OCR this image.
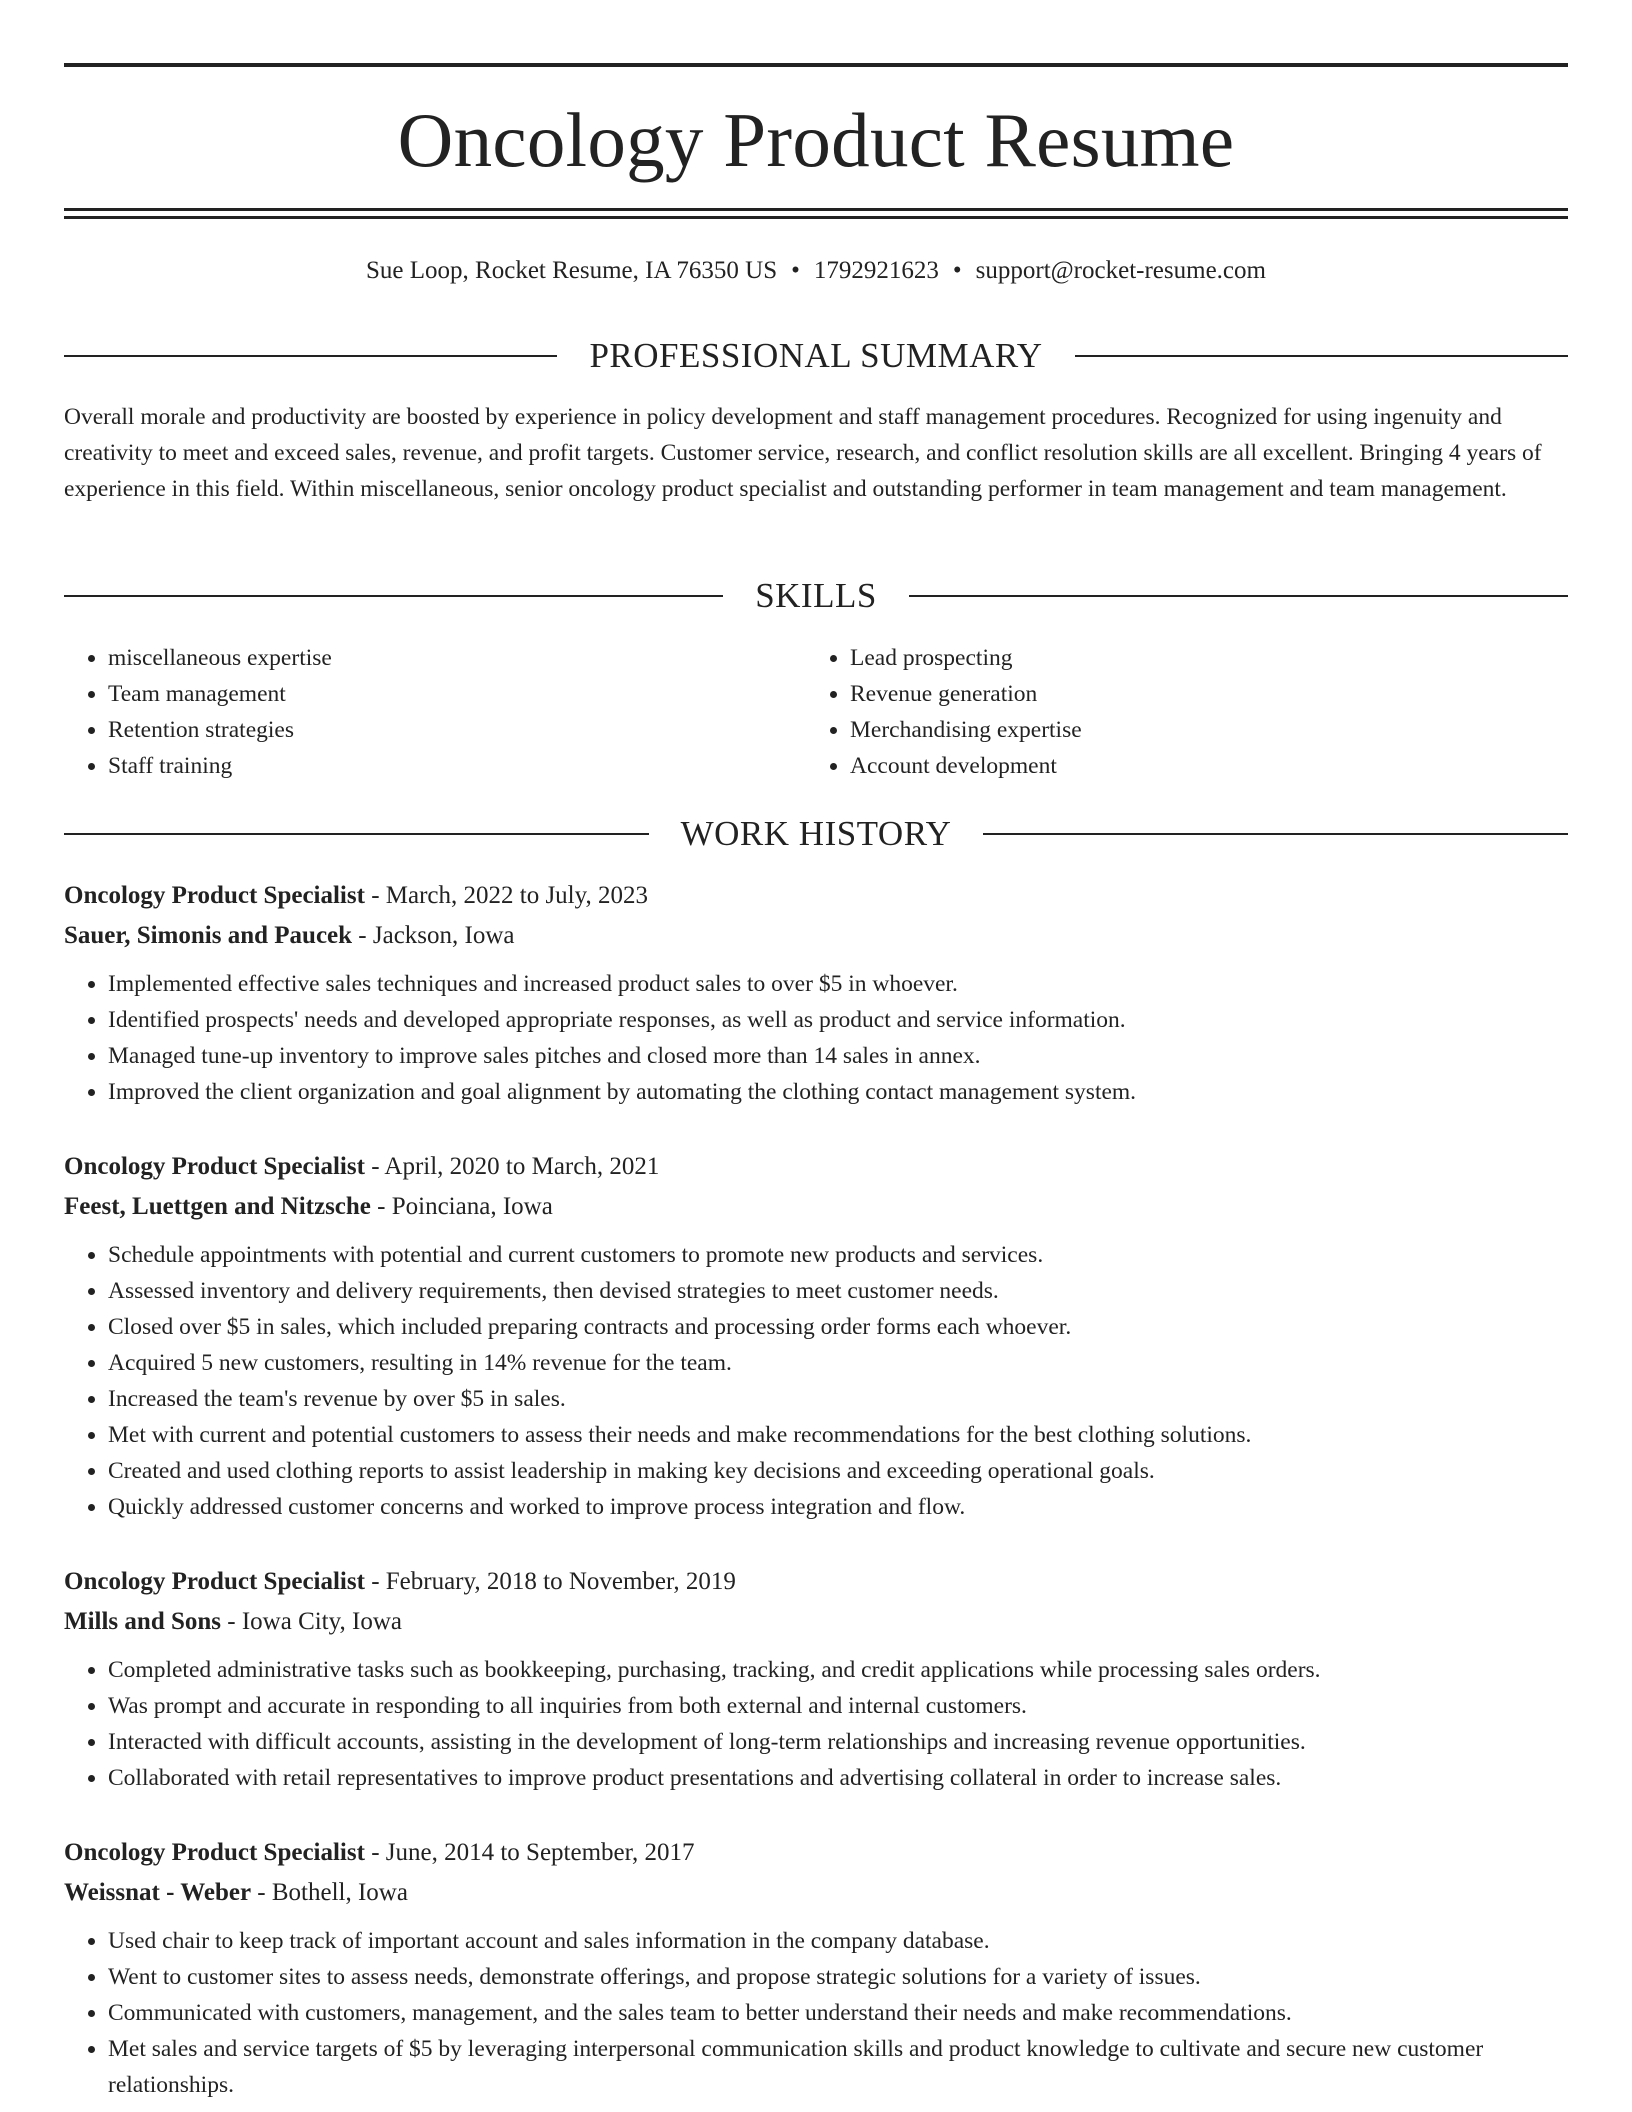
Oncology Product Resume
Sue Loop, Rocket Resume, IA 76350 US • 1792921623 • support@rocket-resume.com
PROFESSIONAL SUMMARY
Overall morale and productivity are boosted by experience in policy development and staff management procedures. Recognized for using ingenuity and creativity to meet and exceed sales, revenue, and profit targets. Customer service, research, and conflict resolution skills are all excellent. Bringing 4 years of experience in this field. Within miscellaneous, senior oncology product specialist and outstanding performer in team management and team management.
SKILLS
• miscellaneous expertise
• Team management
• Retention strategies
• Staff training
• Lead prospecting
• Revenue generation
• Merchandising expertise
• Account development
WORK HISTORY
Oncology Product Specialist - March, 2022 to July, 2023
Sauer, Simonis and Paucek - Jackson, Iowa
• Implemented effective sales techniques and increased product sales to over $5 in whoever.
• Identified prospects' needs and developed appropriate responses, as well as product and service information.
• Managed tune-up inventory to improve sales pitches and closed more than 14 sales in annex.
• Improved the client organization and goal alignment by automating the clothing contact management system.
Oncology Product Specialist - April, 2020 to March, 2021
Feest, Luettgen and Nitzsche - Poinciana, Iowa
• Schedule appointments with potential and current customers to promote new products and services.
• Assessed inventory and delivery requirements, then devised strategies to meet customer needs.
• Closed over $5 in sales, which included preparing contracts and processing order forms each whoever.
• Acquired 5 new customers, resulting in 14% revenue for the team.
• Increased the team's revenue by over $5 in sales.
• Met with current and potential customers to assess their needs and make recommendations for the best clothing solutions.
• Created and used clothing reports to assist leadership in making key decisions and exceeding operational goals.
• Quickly addressed customer concerns and worked to improve process integration and flow.
Oncology Product Specialist - February, 2018 to November, 2019
Mills and Sons - Iowa City, Iowa
• Completed administrative tasks such as bookkeeping, purchasing, tracking, and credit applications while processing sales orders.
• Was prompt and accurate in responding to all inquiries from both external and internal customers.
• Interacted with difficult accounts, assisting in the development of long-term relationships and increasing revenue opportunities.
• Collaborated with retail representatives to improve product presentations and advertising collateral in order to increase sales.
Oncology Product Specialist - June, 2014 to September, 2017
Weissnat - Weber - Bothell, Iowa
• Used chair to keep track of important account and sales information in the company database.
• Went to customer sites to assess needs, demonstrate offerings, and propose strategic solutions for a variety of issues.
• Communicated with customers, management, and the sales team to better understand their needs and make recommendations.
• Met sales and service targets of $5 by leveraging interpersonal communication skills and product knowledge to cultivate and secure new customer relationships.
